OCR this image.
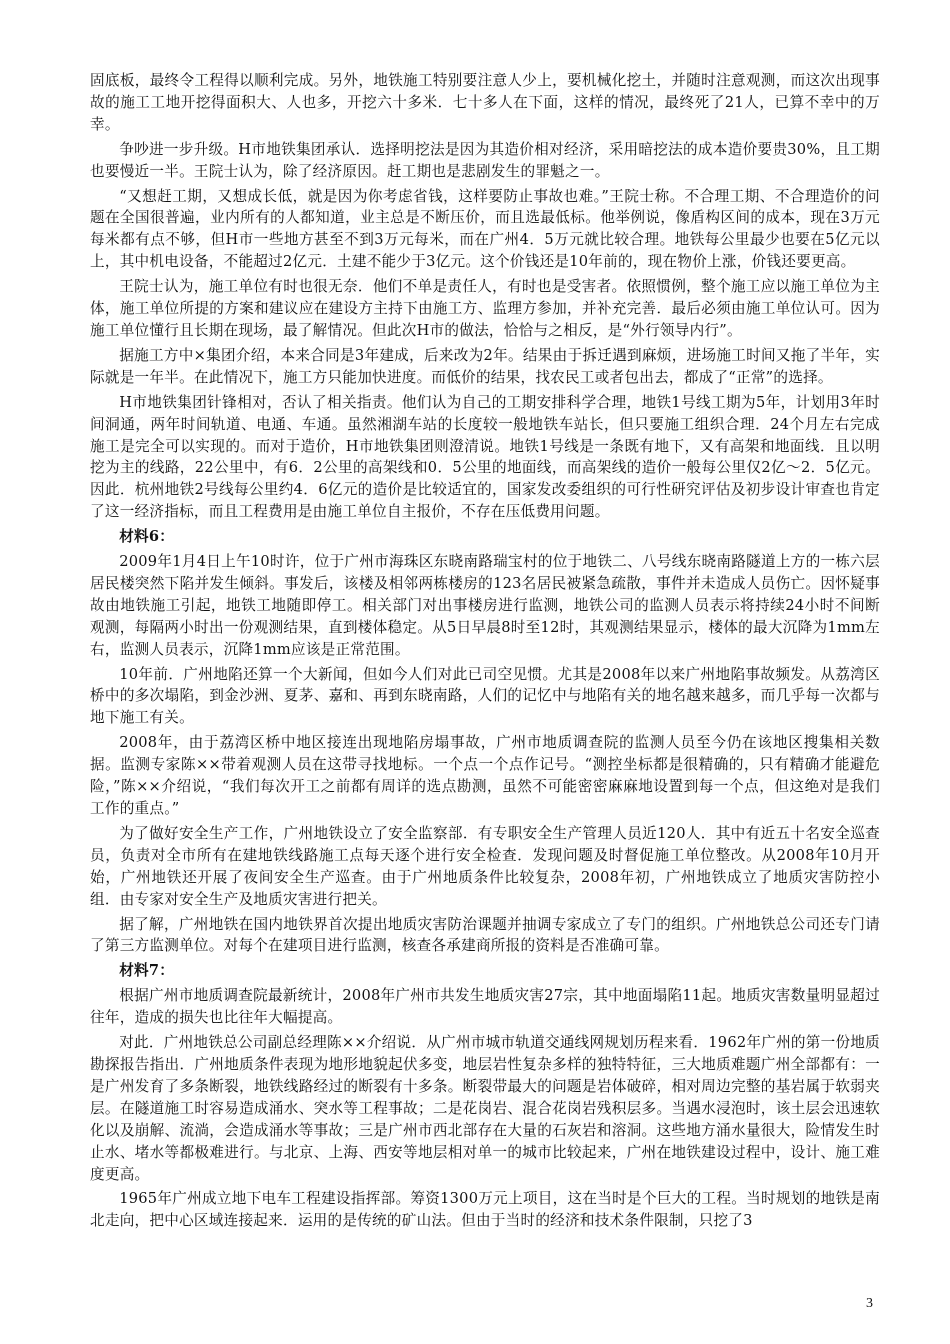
固底板，最终令工程得以顺利完成。另外，地铁施工特别要注意人少上，要机械化挖土，并随时注意观测，而这次出现事故的施工工地开挖得面积大、人也多，开挖六十多米．七十多人在下面，这样的情况，最终死了21人，已算不幸中的万幸。

争吵进一步升级。H市地铁集团承认．选择明挖法是因为其造价相对经济，采用暗挖法的成本造价要贵30%，且工期也要慢近一半。王院士认为，除了经济原因。赶工期也是悲剧发生的罪魁之一。

“又想赶工期，又想成长低，就是因为你考虑省钱，这样要防止事故也难。”王院士称。不合理工期、不合理造价的问题在全国很普遍，业内所有的人都知道，业主总是不断压价，而且选最低标。他举例说，像盾构区间的成本，现在3万元每米都有点不够，但H市一些地方甚至不到3万元每米，而在广州4．5万元就比较合理。地铁每公里最少也要在5亿元以上，其中机电设备，不能超过2亿元．土建不能少于3亿元。这个价钱还是10年前的，现在物价上涨，价钱还要更高。

王院士认为，施工单位有时也很无奈．他们不单是责任人，有时也是受害者。依照惯例，整个施工应以施工单位为主体，施工单位所提的方案和建议应在建设方主持下由施工方、监理方参加，并补充完善．最后必须由施工单位认可。因为施工单位懂行且长期在现场，最了解情况。但此次H市的做法，恰恰与之相反，是“外行领导内行”。

据施工方中×集团介绍，本来合同是3年建成，后来改为2年。结果由于拆迁遇到麻烦，进场施工时间又拖了半年，实际就是一年半。在此情况下，施工方只能加快进度。而低价的结果，找农民工或者包出去，都成了“正常”的选择。

H市地铁集团针锋相对，否认了相关指责。他们认为自己的工期安排科学合理，地铁1号线工期为5年，计划用3年时间洞通，两年时间轨道、电通、车通。虽然湘湖车站的长度较一般地铁车站长，但只要施工组织合理．24个月左右完成施工是完全可以实现的。而对于造价，H市地铁集团则澄清说。地铁1号线是一条既有地下，又有高架和地面线．且以明挖为主的线路，22公里中，有6．2公里的高架线和0．5公里的地面线，而高架线的造价一般每公里仅2亿～2．5亿元。因此．杭州地铁2号线每公里约4．6亿元的造价是比较适宜的，国家发改委组织的可行性研究评估及初步设计审查也肯定了这一经济指标，而且工程费用是由施工单位自主报价，不存在压低费用问题。

材料6：

2009年1月4日上午10时许，位于广州市海珠区东晓南路瑞宝村的位于地铁二、八号线东晓南路隧道上方的一栋六层居民楼突然下陷并发生倾斜。事发后，该楼及相邻两栋楼房的123名居民被紧急疏散，事件并未造成人员伤亡。因怀疑事故由地铁施工引起，地铁工地随即停工。相关部门对出事楼房进行监测，地铁公司的监测人员表示将持续24小时不间断观测，每隔两小时出一份观测结果，直到楼体稳定。从5日早晨8时至12时，其观测结果显示，楼体的最大沉降为1mm左右，监测人员表示，沉降1mm应该是正常范围。

10年前．广州地陷还算一个大新闻，但如今人们对此已司空见惯。尤其是2008年以来广州地陷事故频发。从荔湾区桥中的多次塌陷，到金沙洲、夏茅、嘉和、再到东晓南路，人们的记忆中与地陷有关的地名越来越多，而几乎每一次都与地下施工有关。

2008年，由于荔湾区桥中地区接连出现地陷房塌事故，广州市地质调查院的监测人员至今仍在该地区搜集相关数据。监测专家陈××带着观测人员在这带寻找地标。一个点一个点作记号。“测控坐标都是很精确的，只有精确才能避危险，”陈××介绍说，“我们每次开工之前都有周详的选点勘测，虽然不可能密密麻麻地设置到每一个点，但这绝对是我们工作的重点。”

为了做好安全生产工作，广州地铁设立了安全监察部．有专职安全生产管理人员近120人．其中有近五十名安全巡查员，负责对全市所有在建地铁线路施工点每天逐个进行安全检查．发现问题及时督促施工单位整改。从2008年10月开始，广州地铁还开展了夜间安全生产巡查。由于广州地质条件比较复杂，2008年初，广州地铁成立了地质灾害防控小组．由专家对安全生产及地质灾害进行把关。

据了解，广州地铁在国内地铁界首次提出地质灾害防治课题并抽调专家成立了专门的组织。广州地铁总公司还专门请了第三方监测单位。对每个在建项目进行监测，核查各承建商所报的资料是否准确可靠。

材料7：

根据广州市地质调查院最新统计，2008年广州市共发生地质灾害27宗，其中地面塌陷11起。地质灾害数量明显超过往年，造成的损失也比往年大幅提高。

对此．广州地铁总公司副总经理陈××介绍说．从广州市城市轨道交通线网规划历程来看．1962年广州的第一份地质勘探报告指出．广州地质条件表现为地形地貌起伏多变，地层岩性复杂多样的独特特征，三大地质难题广州全部都有：一是广州发育了多条断裂，地铁线路经过的断裂有十多条。断裂带最大的问题是岩体破碎，相对周边完整的基岩属于软弱夹层。在隧道施工时容易造成涌水、突水等工程事故；二是花岗岩、混合花岗岩残积层多。当遇水浸泡时，该土层会迅速软化以及崩解、流淌，会造成涌水等事故；三是广州市西北部存在大量的石灰岩和溶洞。这些地方涌水量很大，险情发生时止水、堵水等都极难进行。与北京、上海、西安等地层相对单一的城市比较起来，广州在地铁建设过程中，设计、施工难度更高。

1965年广州成立地下电车工程建设指挥部。筹资1300万元上项目，这在当时是个巨大的工程。当时规划的地铁是南北走向，把中心区域连接起来．运用的是传统的矿山法。但由于当时的经济和技术条件限制，只挖了3

3
